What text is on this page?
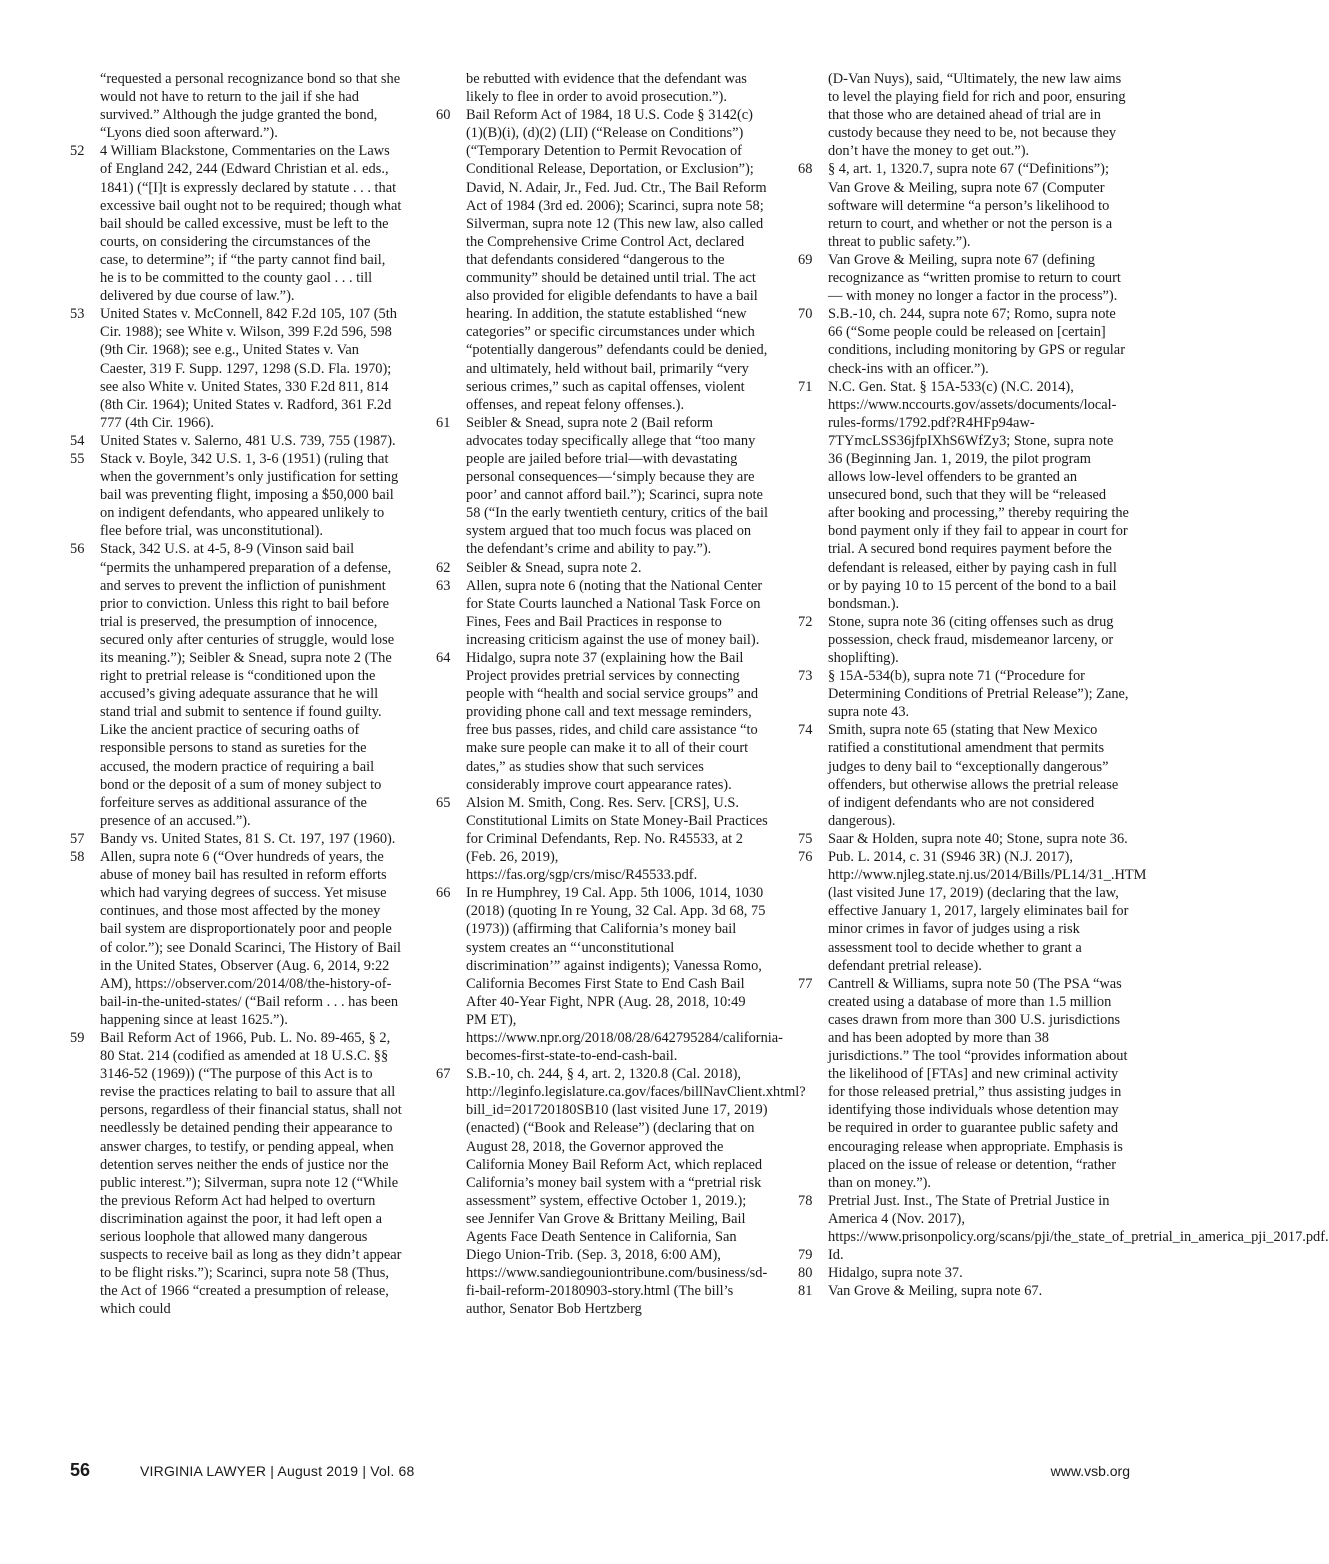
“requested a personal recognizance bond so that she would not have to return to the jail if she had survived.” Although the judge granted the bond, “Lyons died soon afterward.”).

52	4 William Blackstone, Commentaries on the Laws of England 242, 244 (Edward Christian et al. eds., 1841) (“[I]t is expressly declared by statute . . . that excessive bail ought not to be required; though what bail should be called excessive, must be left to the courts, on considering the circumstances of the case, to determine”; if “the party cannot find bail, he is to be committed to the county gaol . . . till delivered by due course of law.”).

53	United States v. McConnell, 842 F.2d 105, 107 (5th Cir. 1988); see White v. Wilson, 399 F.2d 596, 598 (9th Cir. 1968); see e.g., United States v. Van Caester, 319 F. Supp. 1297, 1298 (S.D. Fla. 1970); see also White v. United States, 330 F.2d 811, 814 (8th Cir. 1964); United States v. Radford, 361 F.2d 777 (4th Cir. 1966).

54	United States v. Salerno, 481 U.S. 739, 755 (1987).

55	Stack v. Boyle, 342 U.S. 1, 3-6 (1951) (ruling that when the government’s only justification for setting bail was preventing flight, imposing a $50,000 bail on indigent defendants, who appeared unlikely to flee before trial, was unconstitutional).

56	Stack, 342 U.S. at 4-5, 8-9 (Vinson said bail “permits the unhampered preparation of a defense, and serves to prevent the infliction of punishment prior to conviction. Unless this right to bail before trial is preserved, the presumption of innocence, secured only after centuries of struggle, would lose its meaning.”); Seibler & Snead, supra note 2 (The right to pretrial release is “conditioned upon the accused’s giving adequate assurance that he will stand trial and submit to sentence if found guilty. Like the ancient practice of securing oaths of responsible persons to stand as sureties for the accused, the modern practice of requiring a bail bond or the deposit of a sum of money subject to forfeiture serves as additional assurance of the presence of an accused.”).

57	Bandy vs. United States, 81 S. Ct. 197, 197 (1960).

58	Allen, supra note 6 (“Over hundreds of years, the abuse of money bail has resulted in reform efforts which had varying degrees of success. Yet misuse continues, and those most affected by the money bail system are disproportionately poor and people of color.”); see Donald Scarinci, The History of Bail in the United States, Observer (Aug. 6, 2014, 9:22 AM), https://observer.com/2014/08/the-history-of-bail-in-the-united-states/ (“Bail reform . . . has been happening since at least 1625.”).

59	Bail Reform Act of 1966, Pub. L. No. 89-465, § 2, 80 Stat. 214 (codified as amended at 18 U.S.C. §§ 3146-52 (1969)) (“The purpose of this Act is to revise the practices relating to bail to assure that all persons, regardless of their financial status, shall not needlessly be detained pending their appearance to answer charges, to testify, or pending appeal, when detention serves neither the ends of justice nor the public interest.”); Silverman, supra note 12 (“While the previous Reform Act had helped to overturn discrimination against the poor, it had left open a serious loophole that allowed many dangerous suspects to receive bail as long as they didn’t appear to be flight risks.”); Scarinci, supra note 58 (Thus, the Act of 1966 “created a presumption of release, which could

be rebutted with evidence that the defendant was likely to flee in order to avoid prosecution.”).

60	Bail Reform Act of 1984, 18 U.S. Code § 3142(c)(1)(B)(i), (d)(2) (LII) (“Release on Conditions”) (“Temporary Detention to Permit Revocation of Conditional Release, Deportation, or Exclusion”); David, N. Adair, Jr., Fed. Jud. Ctr., The Bail Reform Act of 1984 (3rd ed. 2006); Scarinci, supra note 58; Silverman, supra note 12 (This new law, also called the Comprehensive Crime Control Act, declared that defendants considered “dangerous to the community” should be detained until trial. The act also provided for eligible defendants to have a bail hearing. In addition, the statute established “new categories” or specific circumstances under which “potentially dangerous” defendants could be denied, and ultimately, held without bail, primarily “very serious crimes,” such as capital offenses, violent offenses, and repeat felony offenses.).

61	Seibler & Snead, supra note 2 (Bail reform advocates today specifically allege that “too many people are jailed before trial—with devastating personal consequences—‘simply because they are poor’ and cannot afford bail.”); Scarinci, supra note 58 (“In the early twentieth century, critics of the bail system argued that too much focus was placed on the defendant’s crime and ability to pay.”).

62	Seibler & Snead, supra note 2.

63	Allen, supra note 6 (noting that the National Center for State Courts launched a National Task Force on Fines, Fees and Bail Practices in response to increasing criticism against the use of money bail).

64	Hidalgo, supra note 37 (explaining how the Bail Project provides pretrial services by connecting people with “health and social service groups” and providing phone call and text message reminders, free bus passes, rides, and child care assistance “to make sure people can make it to all of their court dates,” as studies show that such services considerably improve court appearance rates).

65	Alsion M. Smith, Cong. Res. Serv. [CRS], U.S. Constitutional Limits on State Money-Bail Practices for Criminal Defendants, Rep. No. R45533, at 2 (Feb. 26, 2019), https://fas.org/sgp/crs/misc/R45533.pdf.

66	In re Humphrey, 19 Cal. App. 5th 1006, 1014, 1030 (2018) (quoting In re Young, 32 Cal. App. 3d 68, 75 (1973)) (affirming that California’s money bail system creates an “‘unconstitutional discrimination’” against indigents); Vanessa Romo, California Becomes First State to End Cash Bail After 40-Year Fight, NPR (Aug. 28, 2018, 10:49 PM ET), https://www.npr.org/2018/08/28/642795284/california-becomes-first-state-to-end-cash-bail.

67	S.B.-10, ch. 244, § 4, art. 2, 1320.8 (Cal. 2018), http://leginfo.legislature.ca.gov/faces/billNavClient.xhtml?bill_id=201720180SB10 (last visited June 17, 2019) (enacted) (“Book and Release”) (declaring that on August 28, 2018, the Governor approved the California Money Bail Reform Act, which replaced California’s money bail system with a “pretrial risk assessment” system, effective October 1, 2019.); see Jennifer Van Grove & Brittany Meiling, Bail Agents Face Death Sentence in California, San Diego Union-Trib. (Sep. 3, 2018, 6:00 AM), https://www.sandiegouniontribune.com/business/sd-fi-bail-reform-20180903-story.html (The bill’s author, Senator Bob Hertzberg

(D-Van Nuys), said, “Ultimately, the new law aims to level the playing field for rich and poor, ensuring that those who are detained ahead of trial are in custody because they need to be, not because they don’t have the money to get out.”).

68	§ 4, art. 1, 1320.7, supra note 67 (“Definitions”); Van Grove & Meiling, supra note 67 (Computer software will determine “a person’s likelihood to return to court, and whether or not the person is a threat to public safety.”).

69	Van Grove & Meiling, supra note 67 (defining recognizance as “written promise to return to court— with money no longer a factor in the process”).

70	S.B.-10, ch. 244, supra note 67; Romo, supra note 66 (“Some people could be released on [certain] conditions, including monitoring by GPS or regular check-ins with an officer.”).

71	N.C. Gen. Stat. § 15A-533(c) (N.C. 2014), https://www.nccourts.gov/assets/documents/local-rules-forms/1792.pdf?R4HFp94aw-7TYmcLSS36jfpIXhS6WfZy3; Stone, supra note 36 (Beginning Jan. 1, 2019, the pilot program allows low-level offenders to be granted an unsecured bond, such that they will be “released after booking and processing,” thereby requiring the bond payment only if they fail to appear in court for trial. A secured bond requires payment before the defendant is released, either by paying cash in full or by paying 10 to 15 percent of the bond to a bail bondsman.).

72	Stone, supra note 36 (citing offenses such as drug possession, check fraud, misdemeanor larceny, or shoplifting).

73	§ 15A-534(b), supra note 71 (“Procedure for Determining Conditions of Pretrial Release”); Zane, supra note 43.

74	Smith, supra note 65 (stating that New Mexico ratified a constitutional amendment that permits judges to deny bail to “exceptionally dangerous” offenders, but otherwise allows the pretrial release of indigent defendants who are not considered dangerous).

75	Saar & Holden, supra note 40; Stone, supra note 36.

76	Pub. L. 2014, c. 31 (S946 3R) (N.J. 2017), http://www.njleg.state.nj.us/2014/Bills/PL14/31_.HTM (last visited June 17, 2019) (declaring that the law, effective January 1, 2017, largely eliminates bail for minor crimes in favor of judges using a risk assessment tool to decide whether to grant a defendant pretrial release).

77	Cantrell & Williams, supra note 50 (The PSA “was created using a database of more than 1.5 million cases drawn from more than 300 U.S. jurisdictions and has been adopted by more than 38 jurisdictions.” The tool “provides information about the likelihood of [FTAs] and new criminal activity for those released pretrial,” thus assisting judges in identifying those individuals whose detention may be required in order to guarantee public safety and encouraging release when appropriate. Emphasis is placed on the issue of release or detention, “rather than on money.”).

78	Pretrial Just. Inst., The State of Pretrial Justice in America 4 (Nov. 2017), https://www.prisonpolicy.org/scans/pji/the_state_of_pretrial_in_america_pji_2017.pdf.

79	Id.

80	Hidalgo, supra note 37.

81	Van Grove & Meiling, supra note 67.

56	VIRGINIA LAWYER | August 2019 | Vol. 68	www.vsb.org
